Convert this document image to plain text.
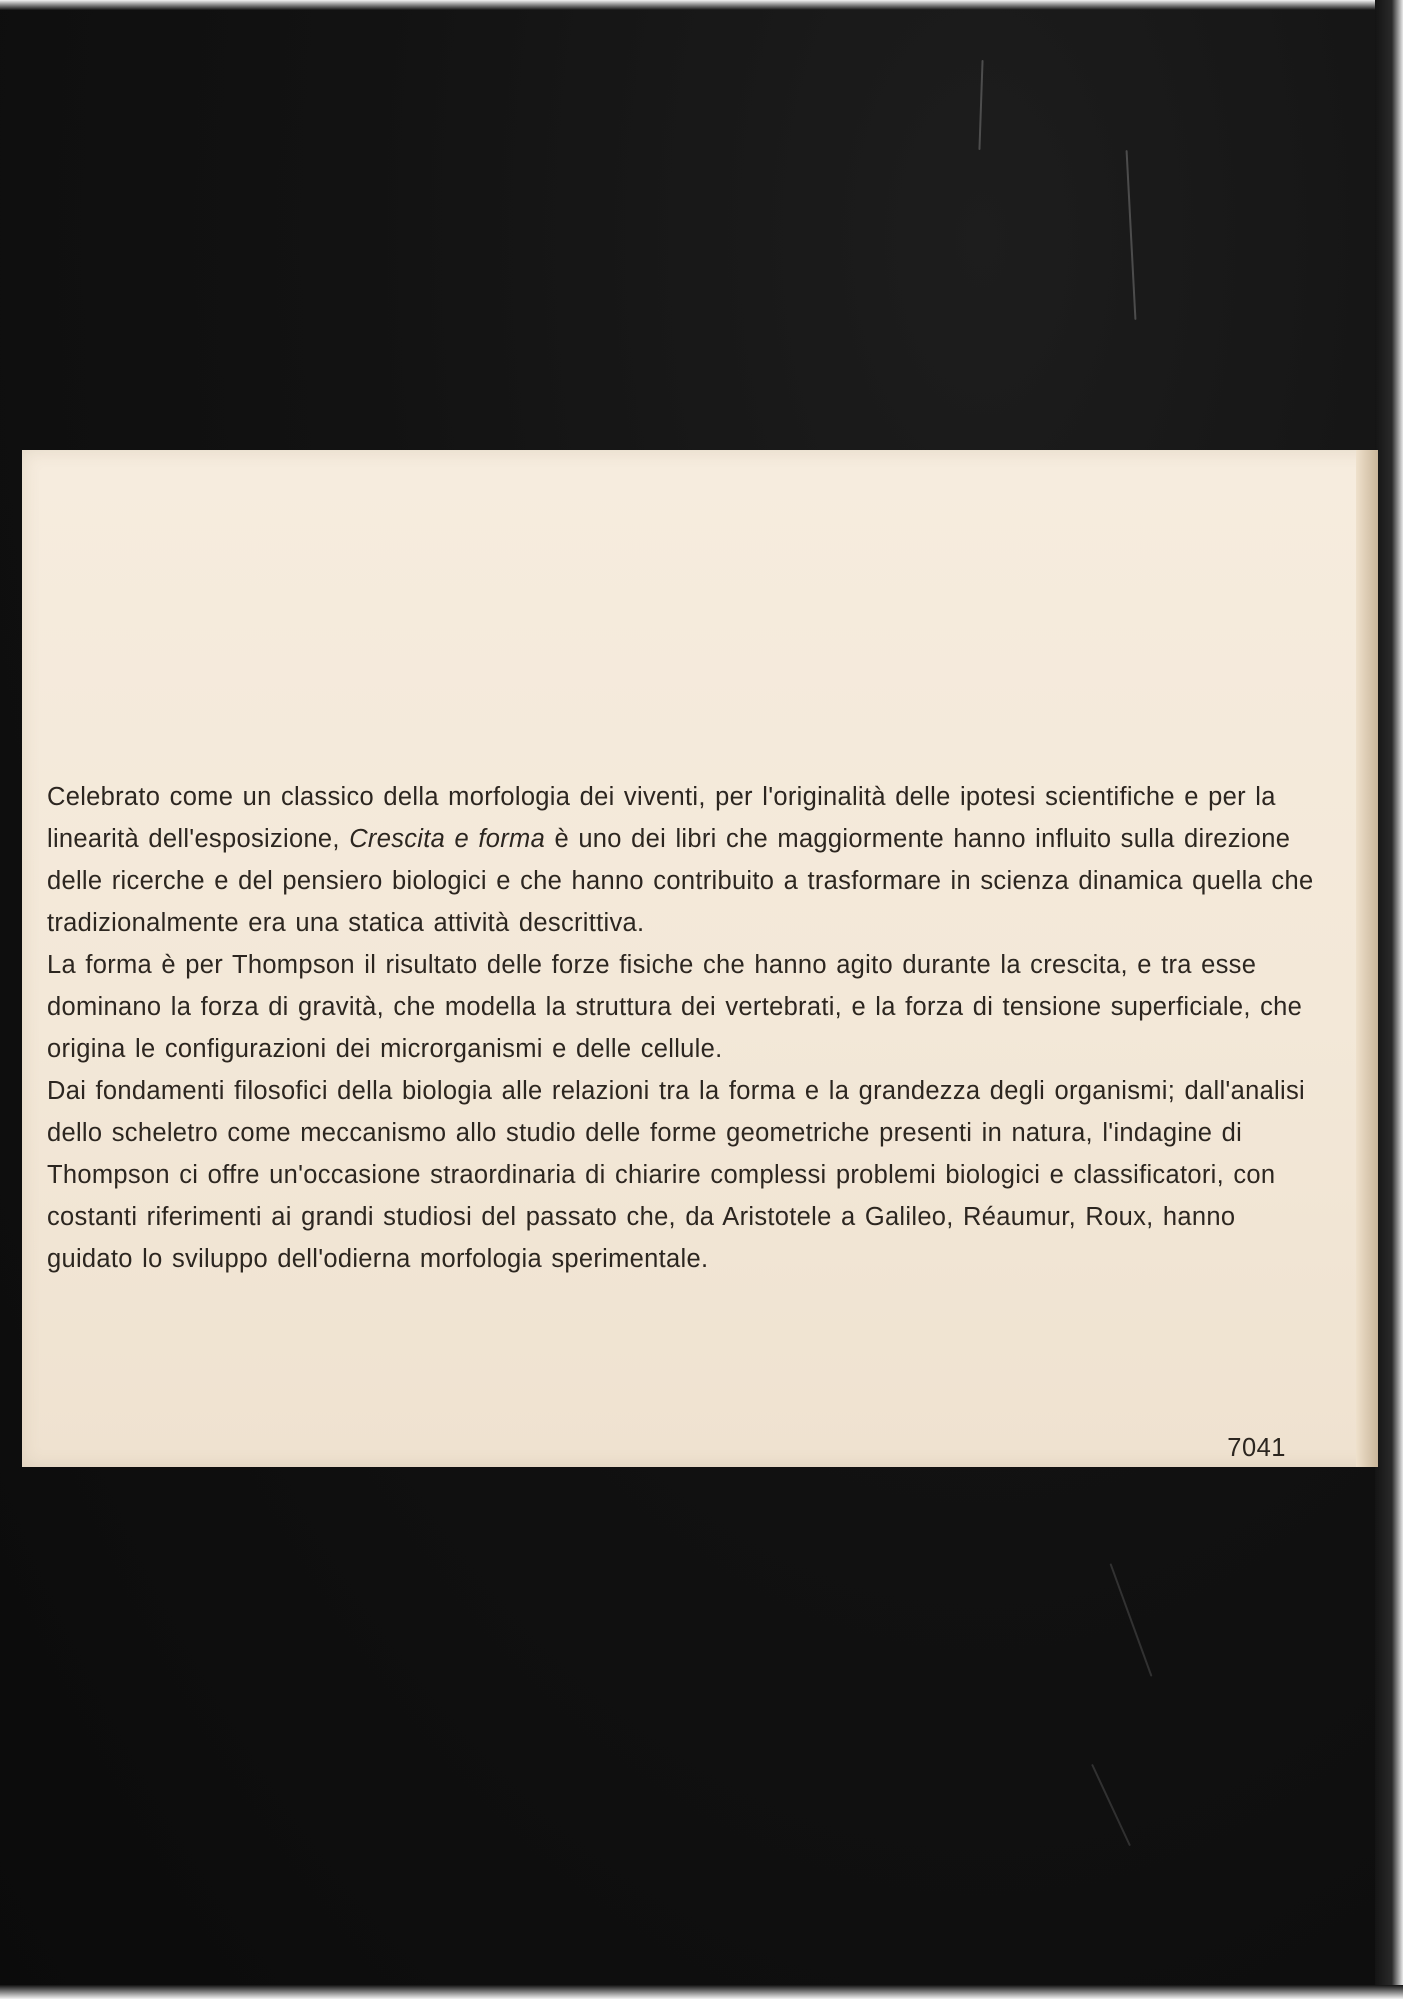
Celebrato come un classico della morfologia dei viventi, per l'originalità delle ipotesi scientifiche e per la linearità dell'esposizione, Crescita e forma è uno dei libri che maggiormente hanno influito sulla direzione delle ricerche e del pensiero biologici e che hanno contribuito a trasformare in scienza dinamica quella che tradizionalmente era una statica attività descrittiva.

La forma è per Thompson il risultato delle forze fisiche che hanno agito durante la crescita, e tra esse dominano la forza di gravità, che modella la struttura dei vertebrati, e la forza di tensione superficiale, che origina le configurazioni dei microrganismi e delle cellule.

Dai fondamenti filosofici della biologia alle relazioni tra la forma e la grandezza degli organismi; dall'analisi dello scheletro come meccanismo allo studio delle forme geometriche presenti in natura, l'indagine di Thompson ci offre un'occasione straordinaria di chiarire complessi problemi biologici e classificatori, con costanti riferimenti ai grandi studiosi del passato che, da Aristotele a Galileo, Réaumur, Roux, hanno guidato lo sviluppo dell'odierna morfologia sperimentale.

7041
